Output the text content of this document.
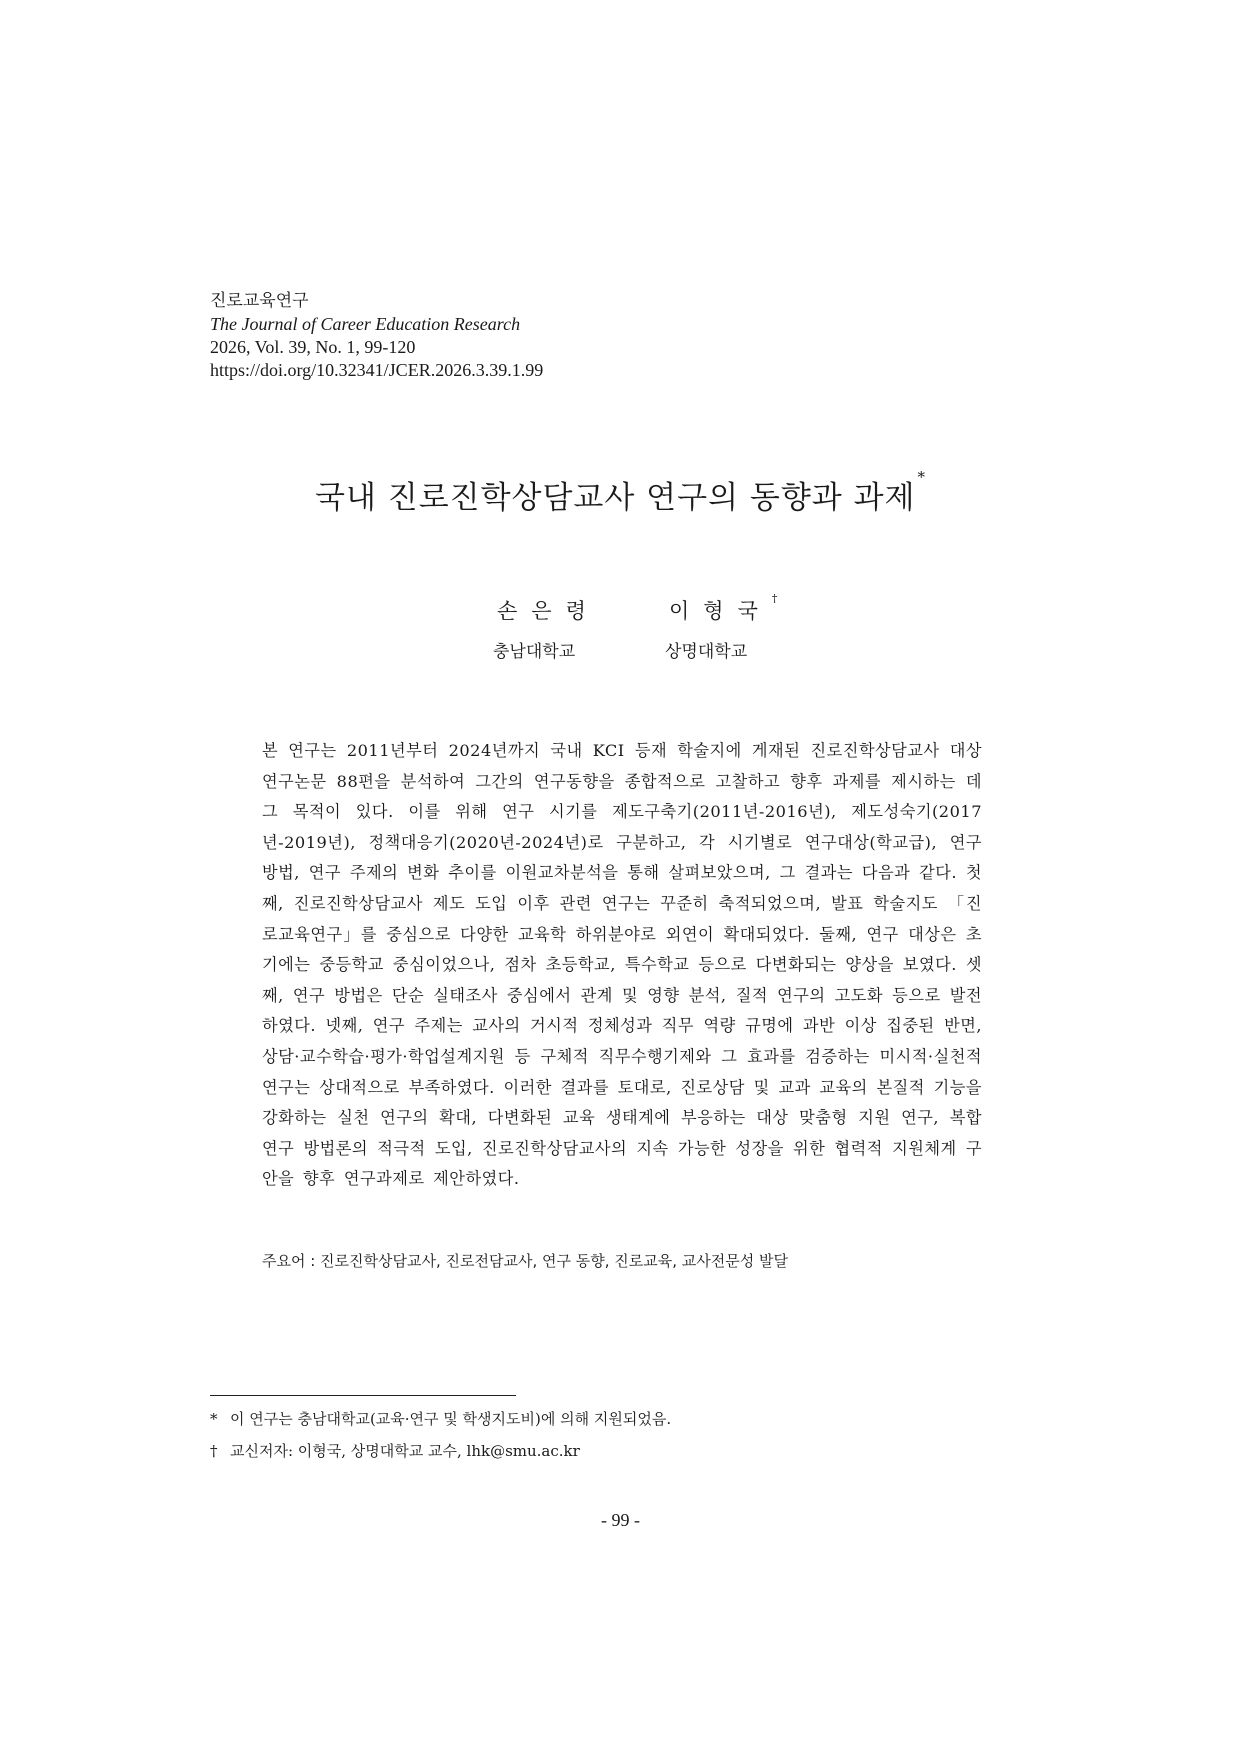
진로교육연구
The Journal of Career Education Research
2026, Vol. 39, No. 1, 99-120
https://doi.org/10.32341/JCER.2026.3.39.1.99
국내 진로진학상담교사 연구의 동향과 과제*
손은령	이형국†
충남대학교	상명대학교

본 연구는 2011년부터 2024년까지 국내 KCI 등재 학술지에 게재된 진로진학상담교사 대상 연구논문 88편을 분석하여 그간의 연구동향을 종합적으로 고찰하고 향후 과제를 제시하는 데 그 목적이 있다. 이를 위해 연구 시기를 제도구축기(2011년-2016년), 제도성숙기(2017년-2019년), 정책대응기(2020년-2024년)로 구분하고, 각 시기별로 연구대상(학교급), 연구 방법, 연구 주제의 변화 추이를 이원교차분석을 통해 살펴보았으며, 그 결과는 다음과 같다. 첫째, 진로진학상담교사 제도 도입 이후 관련 연구는 꾸준히 축적되었으며, 발표 학술지도 「진로교육연구」를 중심으로 다양한 교육학 하위분야로 외연이 확대되었다. 둘째, 연구 대상은 초기에는 중등학교 중심이었으나, 점차 초등학교, 특수학교 등으로 다변화되는 양상을 보였다. 셋째, 연구 방법은 단순 실태조사 중심에서 관계 및 영향 분석, 질적 연구의 고도화 등으로 발전하였다. 넷째, 연구 주제는 교사의 거시적 정체성과 직무 역량 규명에 과반 이상 집중된 반면, 상담·교수학습·평가·학업설계지원 등 구체적 직무수행기제와 그 효과를 검증하는 미시적·실천적 연구는 상대적으로 부족하였다. 이러한 결과를 토대로, 진로상담 및 교과 교육의 본질적 기능을 강화하는 실천 연구의 확대, 다변화된 교육 생태계에 부응하는 대상 맞춤형 지원 연구, 복합 연구 방법론의 적극적 도입, 진로진학상담교사의 지속 가능한 성장을 위한 협력적 지원체계 구안을 향후 연구과제로 제안하였다.

주요어 : 진로진학상담교사, 진로전담교사, 연구 동향, 진로교육, 교사전문성 발달
* 이 연구는 충남대학교(교육·연구 및 학생지도비)에 의해 지원되었음.
† 교신저자: 이형국, 상명대학교 교수, lhk@smu.ac.kr
- 99 -
